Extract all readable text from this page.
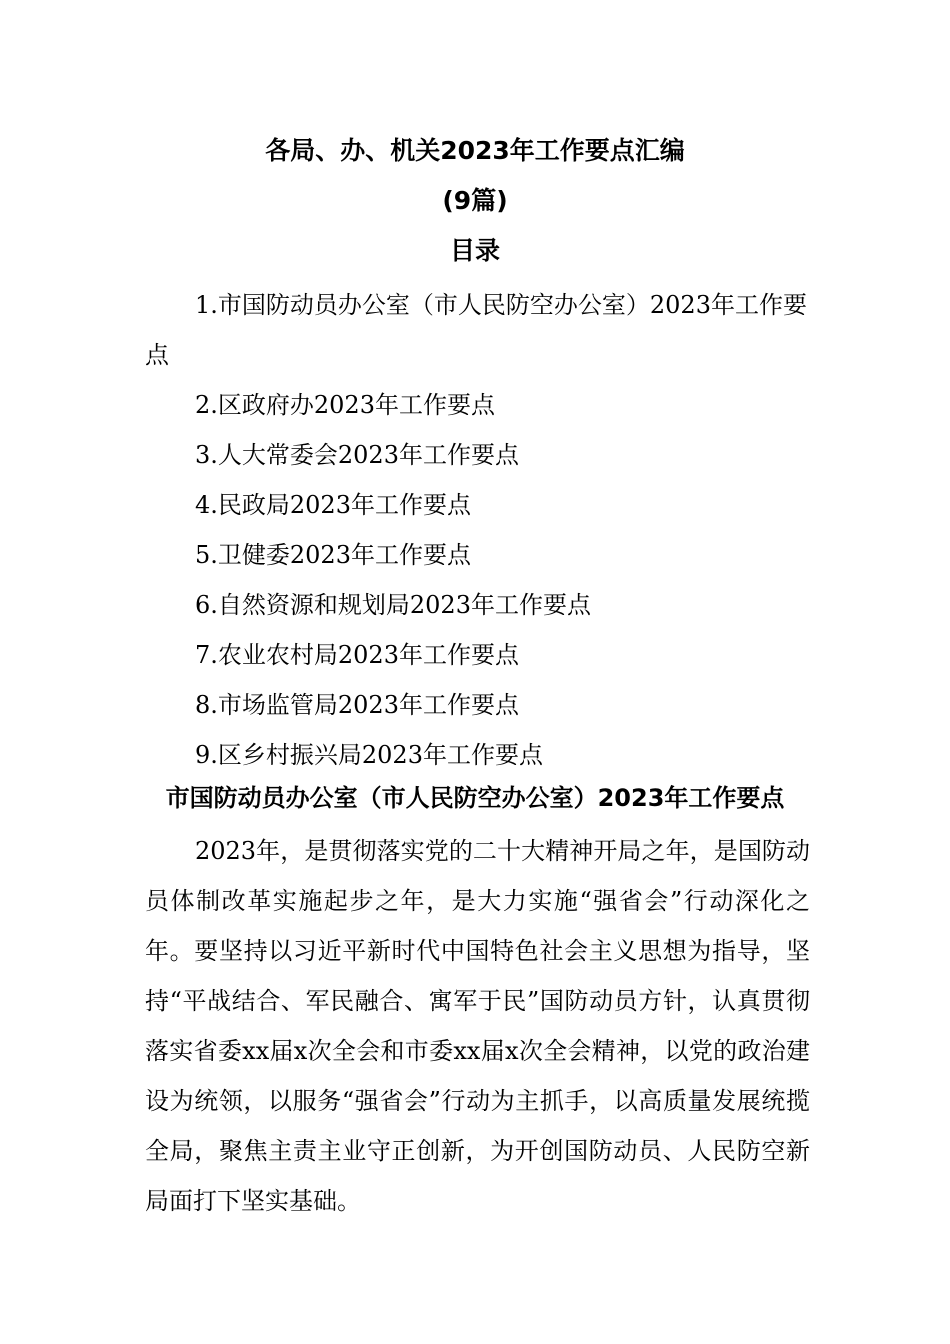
各局、办、机关2023年工作要点汇编
(9篇)
目录
1.市国防动员办公室（市人民防空办公室）2023年工作要点
2.区政府办2023年工作要点
3.人大常委会2023年工作要点
4.民政局2023年工作要点
5.卫健委2023年工作要点
6.自然资源和规划局2023年工作要点
7.农业农村局2023年工作要点
8.市场监管局2023年工作要点
9.区乡村振兴局2023年工作要点
市国防动员办公室（市人民防空办公室）2023年工作要点

2023年，是贯彻落实党的二十大精神开局之年，是国防动员体制改革实施起步之年，是大力实施“强省会”行动深化之年。要坚持以习近平新时代中国特色社会主义思想为指导，坚持“平战结合、军民融合、寓军于民”国防动员方针，认真贯彻落实省委xx届x次全会和市委xx届x次全会精神，以党的政治建设为统领，以服务“强省会”行动为主抓手，以高质量发展统揽全局，聚焦主责主业守正创新，为开创国防动员、人民防空新局面打下坚实基础。
